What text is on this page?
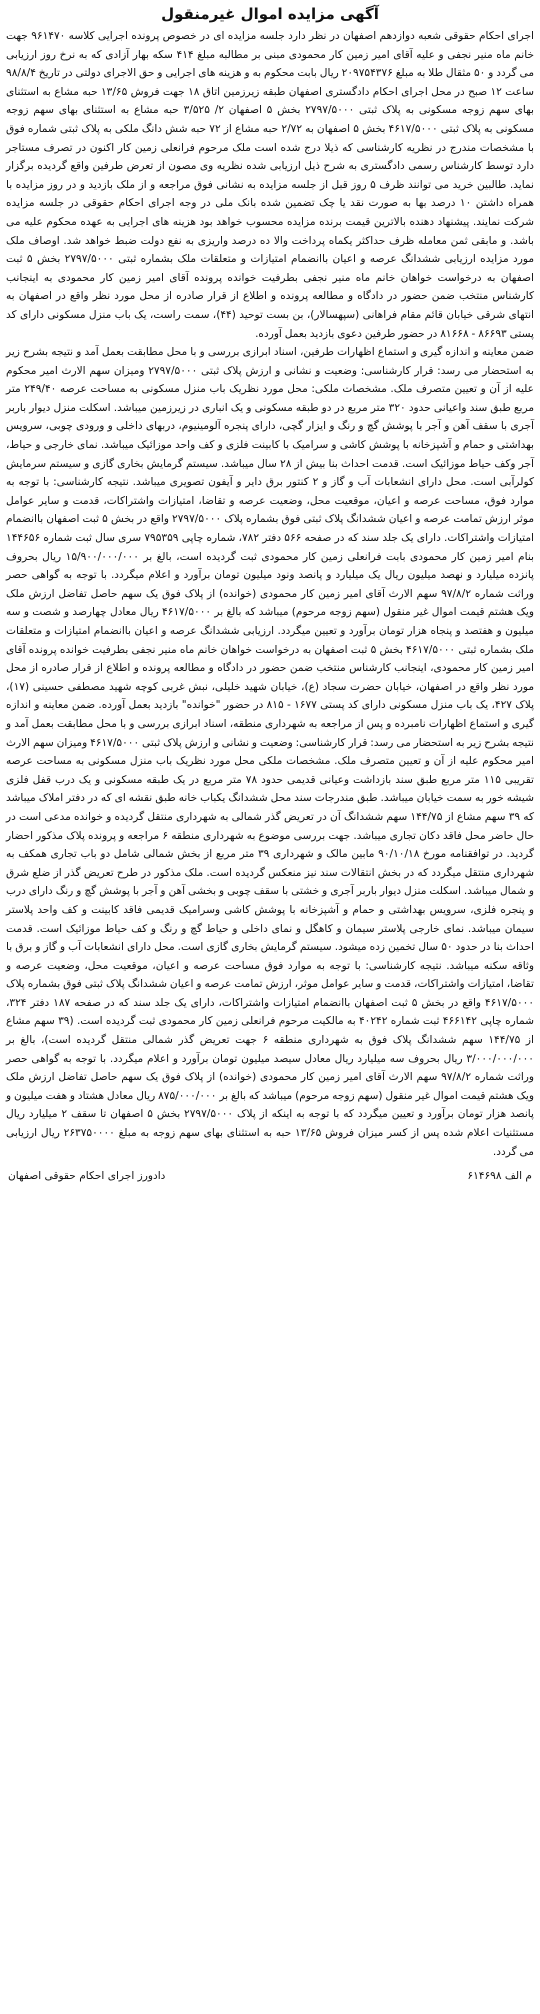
آگهی مزایده اموال غیرمنقول

اجرای احکام حقوقی شعبه دوازدهم اصفهان در نظر دارد جلسه مزایده ای در خصوص پرونده اجرایی کلاسه ۹۶۱۴۷۰ جهت خانم ماه منیر نجفی و علیه آقای امیر زمین کار محمودی مبنی بر مطالبه مبلغ ۴۱۴ سکه بهار آزادی که به نرخ روز ارزیابی می گردد و ۵۰ مثقال طلا به مبلغ ۲۰۹۷۵۴۳۷۶ ریال بابت محکوم به و هزینه های اجرایی و حق الاجرای دولتی در تاریخ ۹۸/۸/۴ ساعت ۱۲ صبح در محل اجرای احکام دادگستری اصفهان طبقه زیرزمین اتاق ۱۸ جهت فروش ۱۳/۶۵ حبه مشاع به استثنای بهای سهم زوجه مسکونی به پلاک ثبتی ۲۷۹۷/۵۰۰۰ بخش ۵ اصفهان ۲/ ۳/۵۲۵ حبه مشاع به استثنای بهای سهم زوجه مسکونی به پلاک ثبتی ۴۶۱۷/۵۰۰۰ بخش ۵ اصفهان به ۲/۷۲ حبه مشاع از ۷۲ حبه شش دانگ ملکی به پلاک ثبتی شماره فوق با مشخصات مندرج در نظریه کارشناسی که ذیلا درج شده است ملک مرحوم فرانعلی زمین کار اکنون در تصرف مستاجر دارد توسط کارشناس رسمی دادگستری به شرح ذیل ارزیابی شده نظریه وی مصون از تعرض طرفین واقع گردیده برگزار نماید. طالبین خرید می توانند ظرف ۵ روز قبل از جلسه مزایده به نشانی فوق مراجعه و از ملک بازدید و در روز مزایده با همراه داشتن ۱۰ درصد بها به صورت نقد یا چک تضمین شده بانک ملی در وجه اجرای احکام حقوقی در جلسه مزایده شرکت نمایند. پیشنهاد دهنده بالاترین قیمت برنده مزایده محسوب خواهد بود هزینه های اجرایی به عهده محکوم علیه می باشد. و مابقی ثمن معامله ظرف حداکثر یکماه پرداخت والا ده درصد واریزی به نفع دولت ضبط خواهد شد. اوصاف ملک مورد مزایده ارزیابی ششدانگ عرصه و اعیان باانضمام امتیازات و متعلقات ملک بشماره ثبتی ۲۷۹۷/۵۰۰۰ بخش ۵ ثبت اصفهان به درخواست خواهان خانم ماه منیر نجفی بطرفیت خوانده پرونده آقای امیر زمین کار محمودی به اینجانب کارشناس منتخب ضمن حضور در دادگاه و مطالعه پرونده و اطلاع از قرار صادره از محل مورد نظر واقع در اصفهان به انتهای شرقی خیابان قائم مقام فراهانی (سپهسالار)، بن بست توحید (۴۴)، سمت راست، یک باب منزل مسکونی دارای کد پستی ۸۶۶۹۳ - ۸۱۶۶۸ در حضور طرفین دعوی بازدید بعمل آورده.

ضمن معاینه و اندازه گیری و استماع اظهارات طرفین، اسناد ابرازی بررسی و با محل مطابقت بعمل آمد و نتیجه بشرح زیر به استحضار می رسد: قرار کارشناسی: وضعیت و نشانی و ارزش پلاک ثبتی ۲۷۹۷/۵۰۰۰ ومیزان سهم الارث امیر محکوم علیه از آن و تعیین متصرف ملک. مشخصات ملکی: محل مورد نظریک باب منزل مسکونی به مساحت عرصه ۲۴۹/۴۰ متر مربع طبق سند واعیانی حدود ۳۲۰ متر مربع در دو طبقه مسکونی و یک انباری در زیرزمین میباشد. اسکلت منزل دیوار باربر آجری با سقف آهن و آجر با پوشش گچ و رنگ و ایزار گچی، دارای پنجره آلومینیوم، دربهای داخلی و ورودی چوبی، سرویس بهداشتی و حمام و آشپزخانه با پوشش کاشی و سرامیک با کابینت فلزی و کف واحد موزائیک میباشد. نمای خارجی و حیاط، آجر وکف حیاط موزائیک است. قدمت احداث بنا بیش از ۲۸ سال میباشد. سیستم گرمایش بخاری گازی و سیستم سرمایش کولرآبی است. محل دارای انشعابات آب و گاز و ۲ کنتور برق دایر و آیفون تصویری میباشد. نتیجه کارشناسی: با توجه به موارد فوق، مساحت عرصه و اعیان، موقعیت محل، وضعیت عرصه و تقاضا، امتیازات واشتراکات، قدمت و سایر عوامل موثر ارزش تمامت عرصه و اعیان ششدانگ پلاک ثبتی فوق بشماره پلاک ۲۷۹۷/۵۰۰۰ واقع در بخش ۵ ثبت اصفهان باانضمام امتیازات واشتراکات. دارای یک جلد سند که در صفحه ۵۶۶ دفتر ۷۸۲، شماره چاپی ۷۹۵۳۵۹ سری سال ثبت شماره ۱۴۴۶۵۶ بنام امیر زمین کار محمودی بابت فرانعلی زمین کار محمودی ثبت گردیده است، بالغ بر ۱۵/۹۰۰/۰۰۰/۰۰۰ ریال بحروف پانزده میلیارد و نهصد میلیون ریال یک میلیارد و پانصد ونود میلیون تومان برآورد و اعلام میگردد. با توجه به گواهی حصر وراثت شماره ۹۷/۸/۲ سهم الارث آقای امیر زمین کار محمودی (خوانده) از پلاک فوق یک سهم حاصل تفاضل ارزش ملک ویک هشتم قیمت اموال غیر منقول (سهم زوجه مرحوم) میباشد که بالغ بر ۴۶۱۷/۵۰۰۰ ریال معادل چهارصد و شصت و سه میلیون و هفتصد و پنجاه هزار تومان برآورد و تعیین میگردد. ارزیابی ششدانگ عرصه و اعیان باانضمام امتیازات و متعلقات ملک بشماره ثبتی ۴۶۱۷/۵۰۰۰ بخش ۵ ثبت اصفهان به درخواست خواهان خانم ماه منیر نجفی بطرفیت خوانده پرونده آقای امیر زمین کار محمودی، اینجانب کارشناس منتخب ضمن حضور در دادگاه و مطالعه پرونده و اطلاع از قرار صادره از محل مورد نظر واقع در اصفهان، خیابان حضرت سجاد (ع)، خیابان شهید خلیلی، نبش غربی کوچه شهید مصطفی حسینی (۱۷)، پلاک ۴۲۷، یک باب منزل مسکونی دارای کد پستی ۱۶۷۷ - ۸۱۵ در حضور "خوانده" بازدید بعمل آورده. ضمن معاینه و اندازه گیری و استماع اظهارات نامبرده و پس از مراجعه به شهرداری منطقه، اسناد ابرازی بررسی و با محل مطابقت بعمل آمد و نتیجه بشرح زیر به استحضار می رسد: قرار کارشناسی: وضعیت و نشانی و ارزش پلاک ثبتی ۴۶۱۷/۵۰۰۰ ومیزان سهم الارث امیر محکوم علیه از آن و تعیین متصرف ملک. مشخصات ملکی محل مورد نظریک باب منزل مسکونی به مساحت عرصه تقریبی ۱۱۵ متر مربع طبق سند بازداشت وعیانی قدیمی حدود ۷۸ متر مربع در یک طبقه مسکونی و یک درب قفل فلزی شیشه خور به سمت خیابان میباشد. طبق مندرجات سند محل ششدانگ یکباب خانه طبق نقشه ای که در دفتر املاک میباشد که ۳۹ سهم مشاع از ۱۴۴/۷۵ سهم ششدانگ آن در تعریض گذر شمالی به شهرداری منتقل گردیده و خوانده مدعی است در حال حاضر محل فاقد دکان تجاری میباشد. جهت بررسی موضوع به شهرداری منطقه ۶ مراجعه و پرونده پلاک مذکور احضار گردید. در توافقنامه مورخ ۹۰/۱۰/۱۸ مابین مالک و شهرداری ۳۹ متر مربع از بخش شمالی شامل دو باب تجاری همکف به شهرداری منتقل میگردد که در بخش انتقالات سند نیز منعکس گردیده است. ملک مذکور در طرح تعریض گذر از ضلع شرق و شمال میباشد. اسکلت منزل دیوار باربر آجری و خشتی با سقف چوبی و بخشی آهن و آجر با پوشش گچ و رنگ دارای درب و پنجره فلزی، سرویس بهداشتی و حمام و آشپزخانه با پوشش کاشی وسرامیک قدیمی فاقد کابینت و کف واحد پلاستر سیمان میباشد. نمای خارجی پلاستر سیمان و کاهگل و نمای داخلی و حیاط گچ و رنگ و کف حیاط موزائیک است. قدمت احداث بنا در حدود ۵۰ سال تخمین زده میشود. سیستم گرمایش بخاری گازی است. محل دارای انشعابات آب و گاز و برق با وثاقه سکنه میباشد. نتیجه کارشناسی: با توجه به موارد فوق مساحت عرصه و اعیان، موقعیت محل، وضعیت عرصه و تقاضا، امتیازات واشتراکات، قدمت و سایر عوامل موثر، ارزش تمامت عرصه و اعیان ششدانگ پلاک ثبتی فوق بشماره پلاک ۴۶۱۷/۵۰۰۰ واقع در بخش ۵ ثبت اصفهان باانضمام امتیازات واشتراکات، دارای یک جلد سند که در صفحه ۱۸۷ دفتر ۳۲۴، شماره چاپی ۴۶۶۱۴۲ ثبت شماره ۴۰۲۴۲ به مالکیت مرحوم فرانعلی زمین کار محمودی ثبت گردیده است. (۳۹ سهم مشاع از ۱۴۴/۷۵ سهم ششدانگ پلاک فوق به شهرداری منطقه ۶ جهت تعریض گذر شمالی منتقل گردیده است)، بالغ بر ۳/۰۰۰/۰۰۰/۰۰۰ ریال بحروف سه میلیارد ریال معادل سیصد میلیون تومان برآورد و اعلام میگردد. با توجه به گواهی حصر وراثت شماره ۹۷/۸/۲ سهم الارث آقای امیر زمین کار محمودی (خوانده) از پلاک فوق یک سهم حاصل تفاضل ارزش ملک ویک هشتم قیمت اموال غیر منقول (سهم زوجه مرحوم) میباشد که بالغ بر ۸۷۵/۰۰۰/۰۰۰ ریال معادل هشتاد و هفت میلیون و پانصد هزار تومان برآورد و تعیین میگردد که با توجه به اینکه از پلاک ۲۷۹۷/۵۰۰۰ بخش ۵ اصفهان تا سقف ۲ میلیارد ریال مستثنیات اعلام شده پس از کسر میزان فروش ۱۳/۶۵ حبه به استثنای بهای سهم زوجه به مبلغ ۲۶۳۷۵۰۰۰۰ ریال ارزیابی می گردد.

م الف ۶۱۴۶۹۸
دادورز اجرای احکام حقوقی اصفهان
